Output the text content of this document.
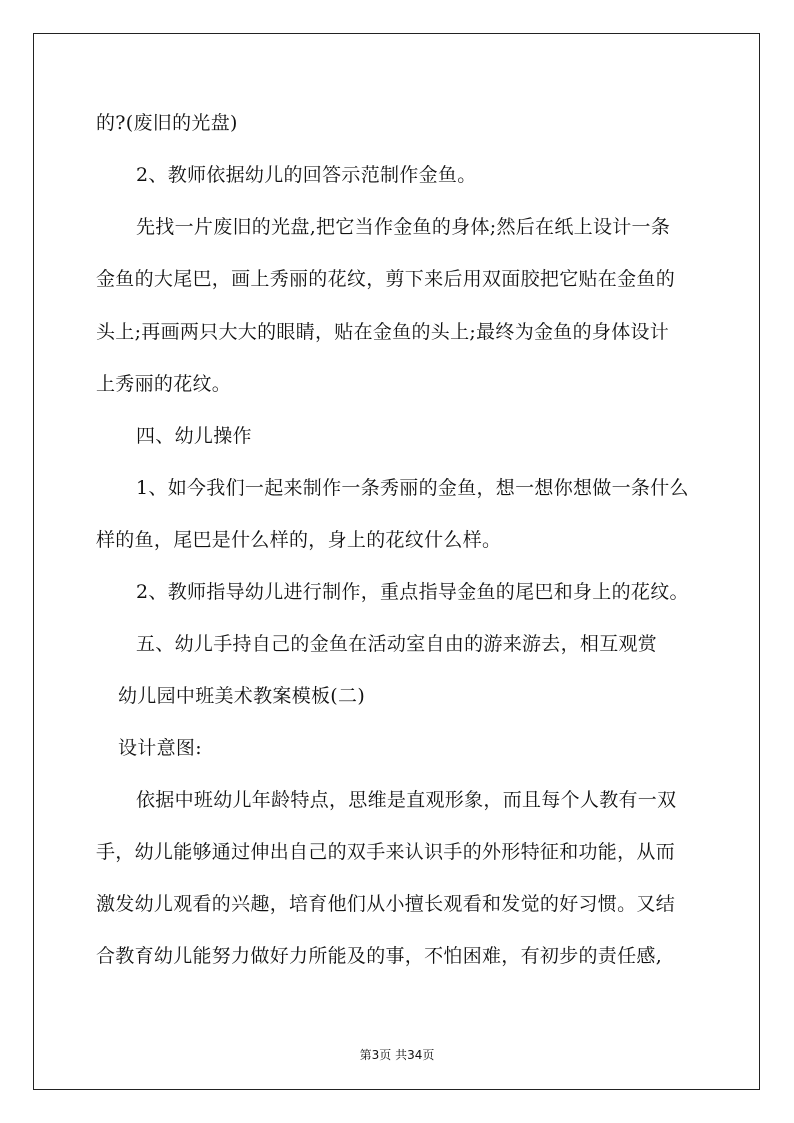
的?(废旧的光盘)
2、教师依据幼儿的回答示范制作金鱼。
先找一片废旧的光盘,把它当作金鱼的身体;然后在纸上设计一条
金鱼的大尾巴，画上秀丽的花纹，剪下来后用双面胶把它贴在金鱼的
头上;再画两只大大的眼睛，贴在金鱼的头上;最终为金鱼的身体设计
上秀丽的花纹。
四、幼儿操作
1、如今我们一起来制作一条秀丽的金鱼，想一想你想做一条什么
样的鱼，尾巴是什么样的，身上的花纹什么样。
2、教师指导幼儿进行制作，重点指导金鱼的尾巴和身上的花纹。
五、幼儿手持自己的金鱼在活动室自由的游来游去，相互观赏
幼儿园中班美术教案模板(二)
设计意图:
依据中班幼儿年龄特点，思维是直观形象，而且每个人教有一双
手，幼儿能够通过伸出自己的双手来认识手的外形特征和功能，从而
激发幼儿观看的兴趣，培育他们从小擅长观看和发觉的好习惯。又结
合教育幼儿能努力做好力所能及的事，不怕困难，有初步的责任感,
第3页 共34页
